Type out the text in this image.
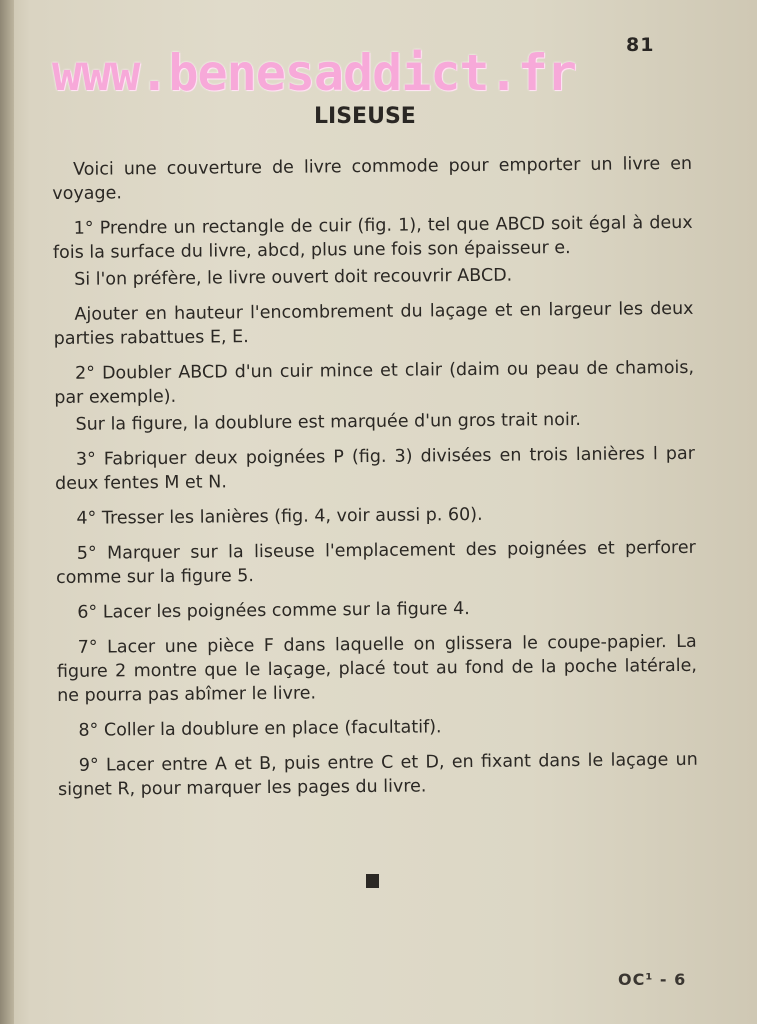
81
www.benesaddict.fr
LISEUSE

Voici une couverture de livre commode pour emporter un livre en voyage.

1° Prendre un rectangle de cuir (fig. 1), tel que ABCD soit égal à deux fois la surface du livre, abcd, plus une fois son épaisseur e.

Si l'on préfère, le livre ouvert doit recouvrir ABCD.

Ajouter en hauteur l'encombrement du laçage et en largeur les deux parties rabattues E, E.

2° Doubler ABCD d'un cuir mince et clair (daim ou peau de chamois, par exemple).

Sur la figure, la doublure est marquée d'un gros trait noir.

3° Fabriquer deux poignées P (fig. 3) divisées en trois lanières l par deux fentes M et N.

4° Tresser les lanières (fig. 4, voir aussi p. 60).

5° Marquer sur la liseuse l'emplacement des poignées et perforer comme sur la figure 5.

6° Lacer les poignées comme sur la figure 4.

7° Lacer une pièce F dans laquelle on glissera le coupe-papier. La figure 2 montre que le laçage, placé tout au fond de la poche latérale, ne pourra pas abîmer le livre.

8° Coller la doublure en place (facultatif).

9° Lacer entre A et B, puis entre C et D, en fixant dans le laçage un signet R, pour marquer les pages du livre.

OC¹ - 6
